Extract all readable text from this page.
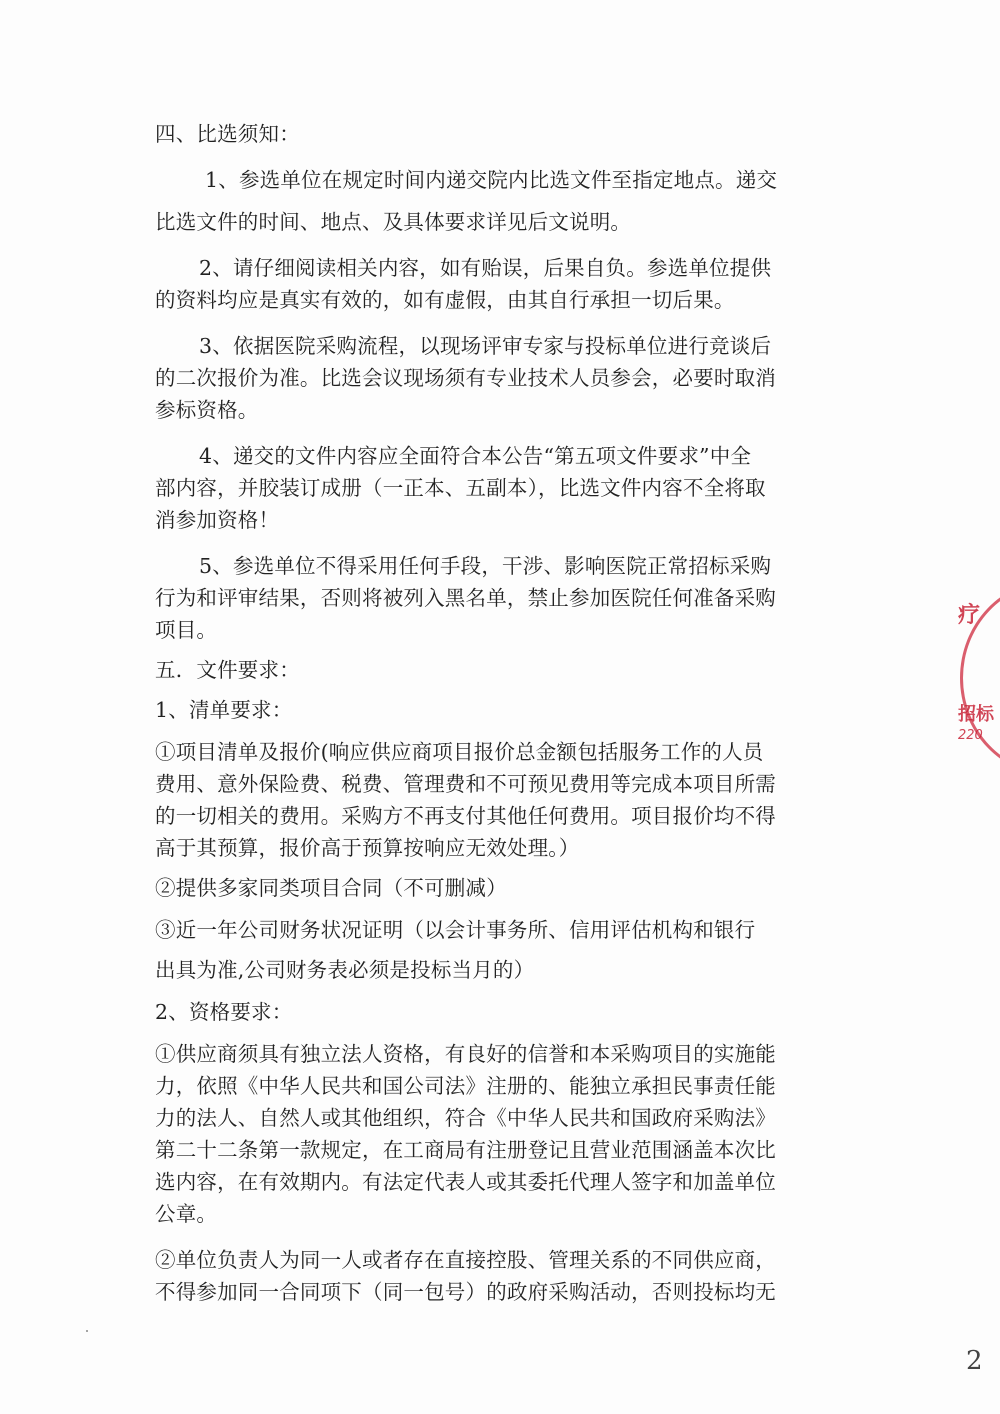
四、比选须知：
1、参选单位在规定时间内递交院内比选文件至指定地点。递交
比选文件的时间、地点、及具体要求详见后文说明。
2、请仔细阅读相关内容，如有贻误，后果自负。参选单位提供
的资料均应是真实有效的，如有虚假，由其自行承担一切后果。
3、依据医院采购流程，以现场评审专家与投标单位进行竞谈后
的二次报价为准。比选会议现场须有专业技术人员参会，必要时取消
参标资格。
4、递交的文件内容应全面符合本公告“第五项文件要求”中全
部内容，并胶装订成册（一正本、五副本），比选文件内容不全将取
消参加资格！
5、参选单位不得采用任何手段，干涉、影响医院正常招标采购
行为和评审结果，否则将被列入黑名单，禁止参加医院任何准备采购
项目。
五．文件要求：
1、清单要求：
①项目清单及报价(响应供应商项目报价总金额包括服务工作的人员
费用、意外保险费、税费、管理费和不可预见费用等完成本项目所需
的一切相关的费用。采购方不再支付其他任何费用。项目报价均不得
高于其预算，报价高于预算按响应无效处理。）
②提供多家同类项目合同（不可删减）
③近一年公司财务状况证明（以会计事务所、信用评估机构和银行
出具为准,公司财务表必须是投标当月的）
2、资格要求：
①供应商须具有独立法人资格，有良好的信誉和本采购项目的实施能
力，依照《中华人民共和国公司法》注册的、能独立承担民事责任能
力的法人、自然人或其他组织，符合《中华人民共和国政府采购法》
第二十二条第一款规定，在工商局有注册登记且营业范围涵盖本次比
选内容，在有效期内。有法定代表人或其委托代理人签字和加盖单位
公章。
②单位负责人为同一人或者存在直接控股、管理关系的不同供应商，
不得参加同一合同项下（同一包号）的政府采购活动，否则投标均无
疗
招标
220
2
